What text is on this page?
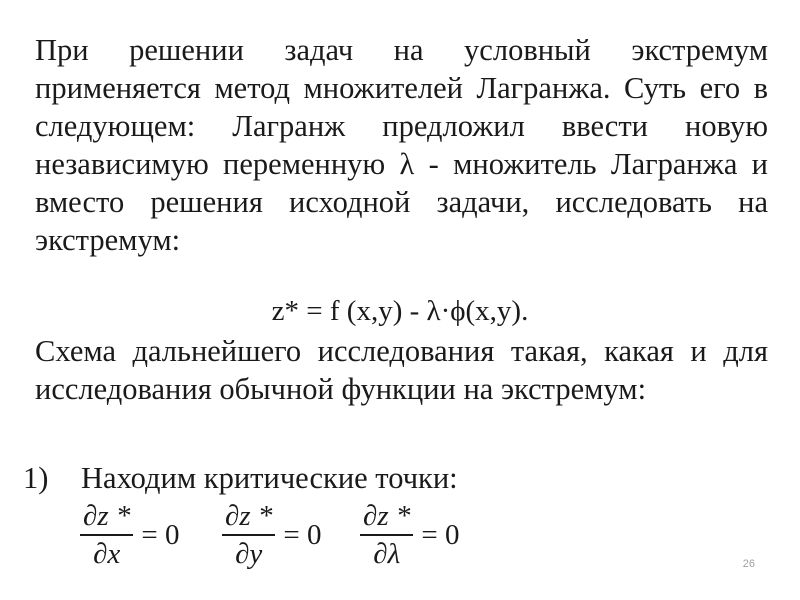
При решении задач на условный экстремум применяется метод множителей Лагранжа. Суть его в следующем: Лагранж предложил ввести новую независимую переменную λ - множитель Лагранжа и вместо решения исходной задачи, исследовать на экстремум:
z* = f (x,y) - λ·ϕ(x,y).
Схема дальнейшего исследования такая, какая и для исследования обычной функции на экстремум:
1) Находим критические точки:
$\frac{\partial z *}{\partial x} = 0 \frac{\partial z *}{\partial y} = 0 \frac{\partial z *}{\partial\lambda} = 0$
26
